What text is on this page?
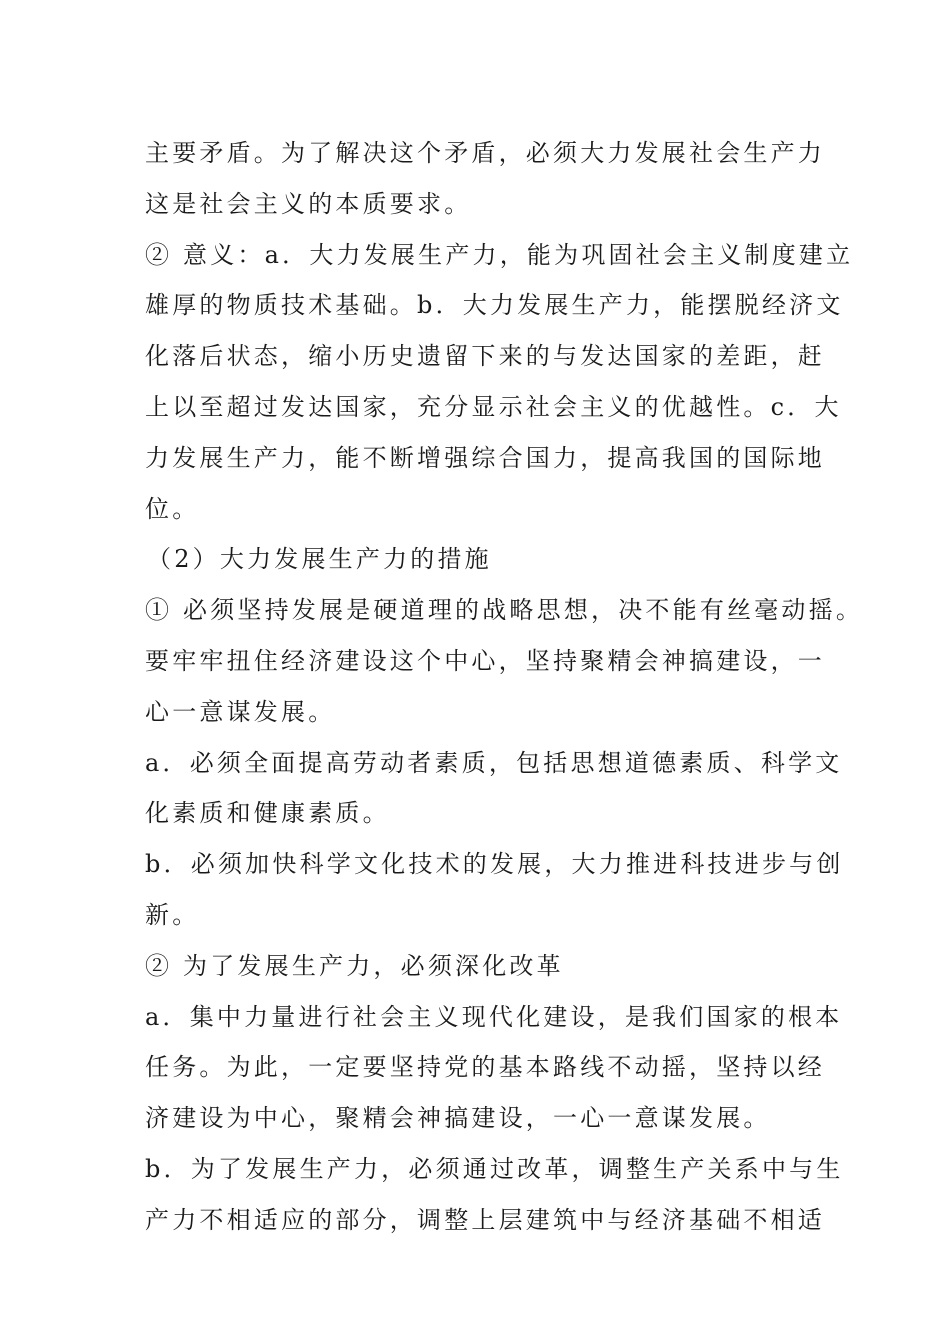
主要矛盾。为了解决这个矛盾，必须大力发展社会生产力
这是社会主义的本质要求。
② 意义：a．大力发展生产力，能为巩固社会主义制度建立
雄厚的物质技术基础。b．大力发展生产力，能摆脱经济文
化落后状态，缩小历史遗留下来的与发达国家的差距，赶
上以至超过发达国家，充分显示社会主义的优越性。c．大
力发展生产力，能不断增强综合国力，提高我国的国际地
位。
（2）大力发展生产力的措施
① 必须坚持发展是硬道理的战略思想，决不能有丝毫动摇。
要牢牢扭住经济建设这个中心，坚持聚精会神搞建设，一
心一意谋发展。
a．必须全面提高劳动者素质，包括思想道德素质、科学文
化素质和健康素质。
b．必须加快科学文化技术的发展，大力推进科技进步与创
新。
② 为了发展生产力，必须深化改革
a．集中力量进行社会主义现代化建设，是我们国家的根本
任务。为此，一定要坚持党的基本路线不动摇，坚持以经
济建设为中心，聚精会神搞建设，一心一意谋发展。
b．为了发展生产力，必须通过改革，调整生产关系中与生
产力不相适应的部分，调整上层建筑中与经济基础不相适
